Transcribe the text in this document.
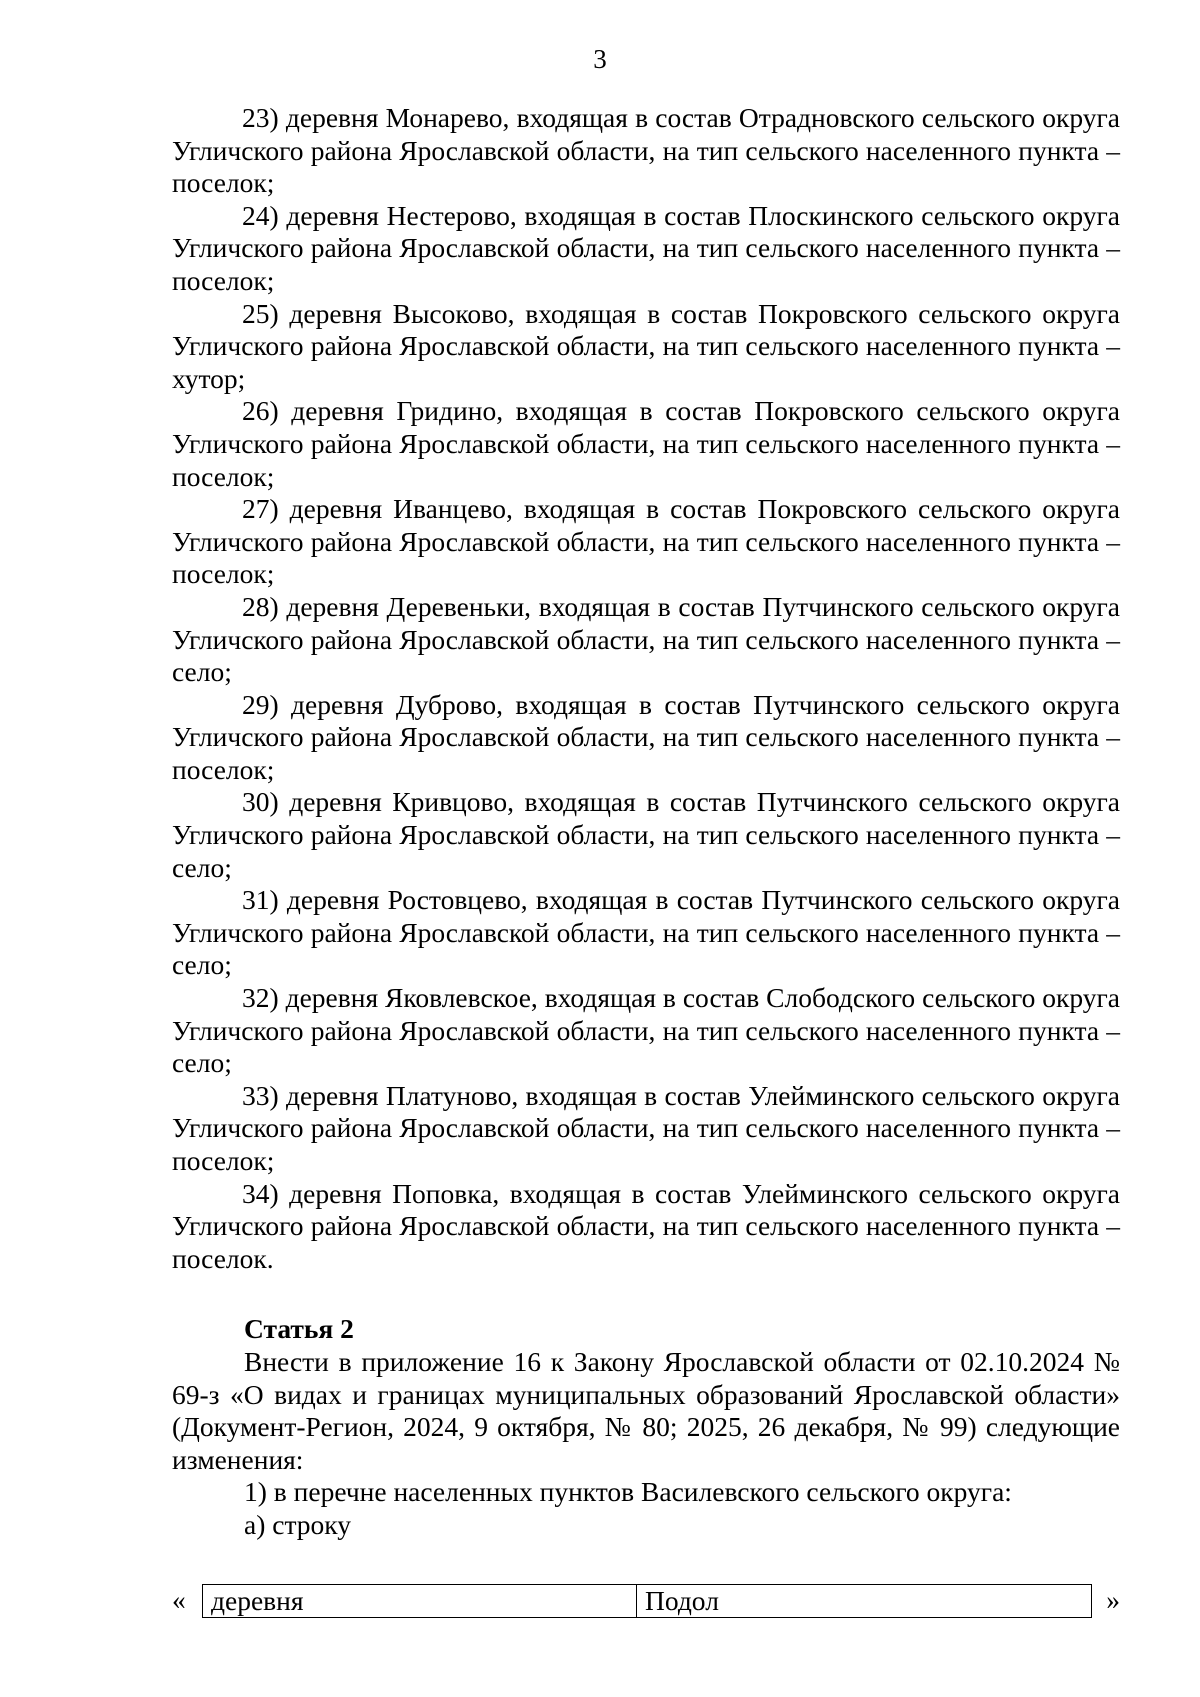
3

23) деревня Монарево, входящая в состав Отрадновского сельского округа Угличского района Ярославской области, на тип сельского населенного пункта – поселок;

24) деревня Нестерово, входящая в состав Плоскинского сельского округа Угличского района Ярославской области, на тип сельского населенного пункта – поселок;

25) деревня Высоково, входящая в состав Покровского сельского округа Угличского района Ярославской области, на тип сельского населенного пункта – хутор;

26) деревня Гридино, входящая в состав Покровского сельского округа Угличского района Ярославской области, на тип сельского населенного пункта – поселок;

27) деревня Иванцево, входящая в состав Покровского сельского округа Угличского района Ярославской области, на тип сельского населенного пункта – поселок;

28) деревня Деревеньки, входящая в состав Путчинского сельского округа Угличского района Ярославской области, на тип сельского населенного пункта – село;

29) деревня Дуброво, входящая в состав Путчинского сельского округа Угличского района Ярославской области, на тип сельского населенного пункта – поселок;

30) деревня Кривцово, входящая в состав Путчинского сельского округа Угличского района Ярославской области, на тип сельского населенного пункта – село;

31) деревня Ростовцево, входящая в состав Путчинского сельского округа Угличского района Ярославской области, на тип сельского населенного пункта – село;

32) деревня Яковлевское, входящая в состав Слободского сельского округа Угличского района Ярославской области, на тип сельского населенного пункта – село;

33) деревня Платуново, входящая в состав Улейминского сельского округа Угличского района Ярославской области, на тип сельского населенного пункта – поселок;

34) деревня Поповка, входящая в состав Улейминского сельского округа Угличского района Ярославской области, на тип сельского населенного пункта – поселок.

Статья 2

Внести в приложение 16 к Закону Ярославской области от 02.10.2024 № 69-з «О видах и границах муниципальных образований Ярославской области» (Документ-Регион, 2024, 9 октября, № 80; 2025, 26 декабря, № 99) следующие изменения:

1) в перечне населенных пунктов Василевского сельского округа:

а) строку

« деревня	Подол	»
